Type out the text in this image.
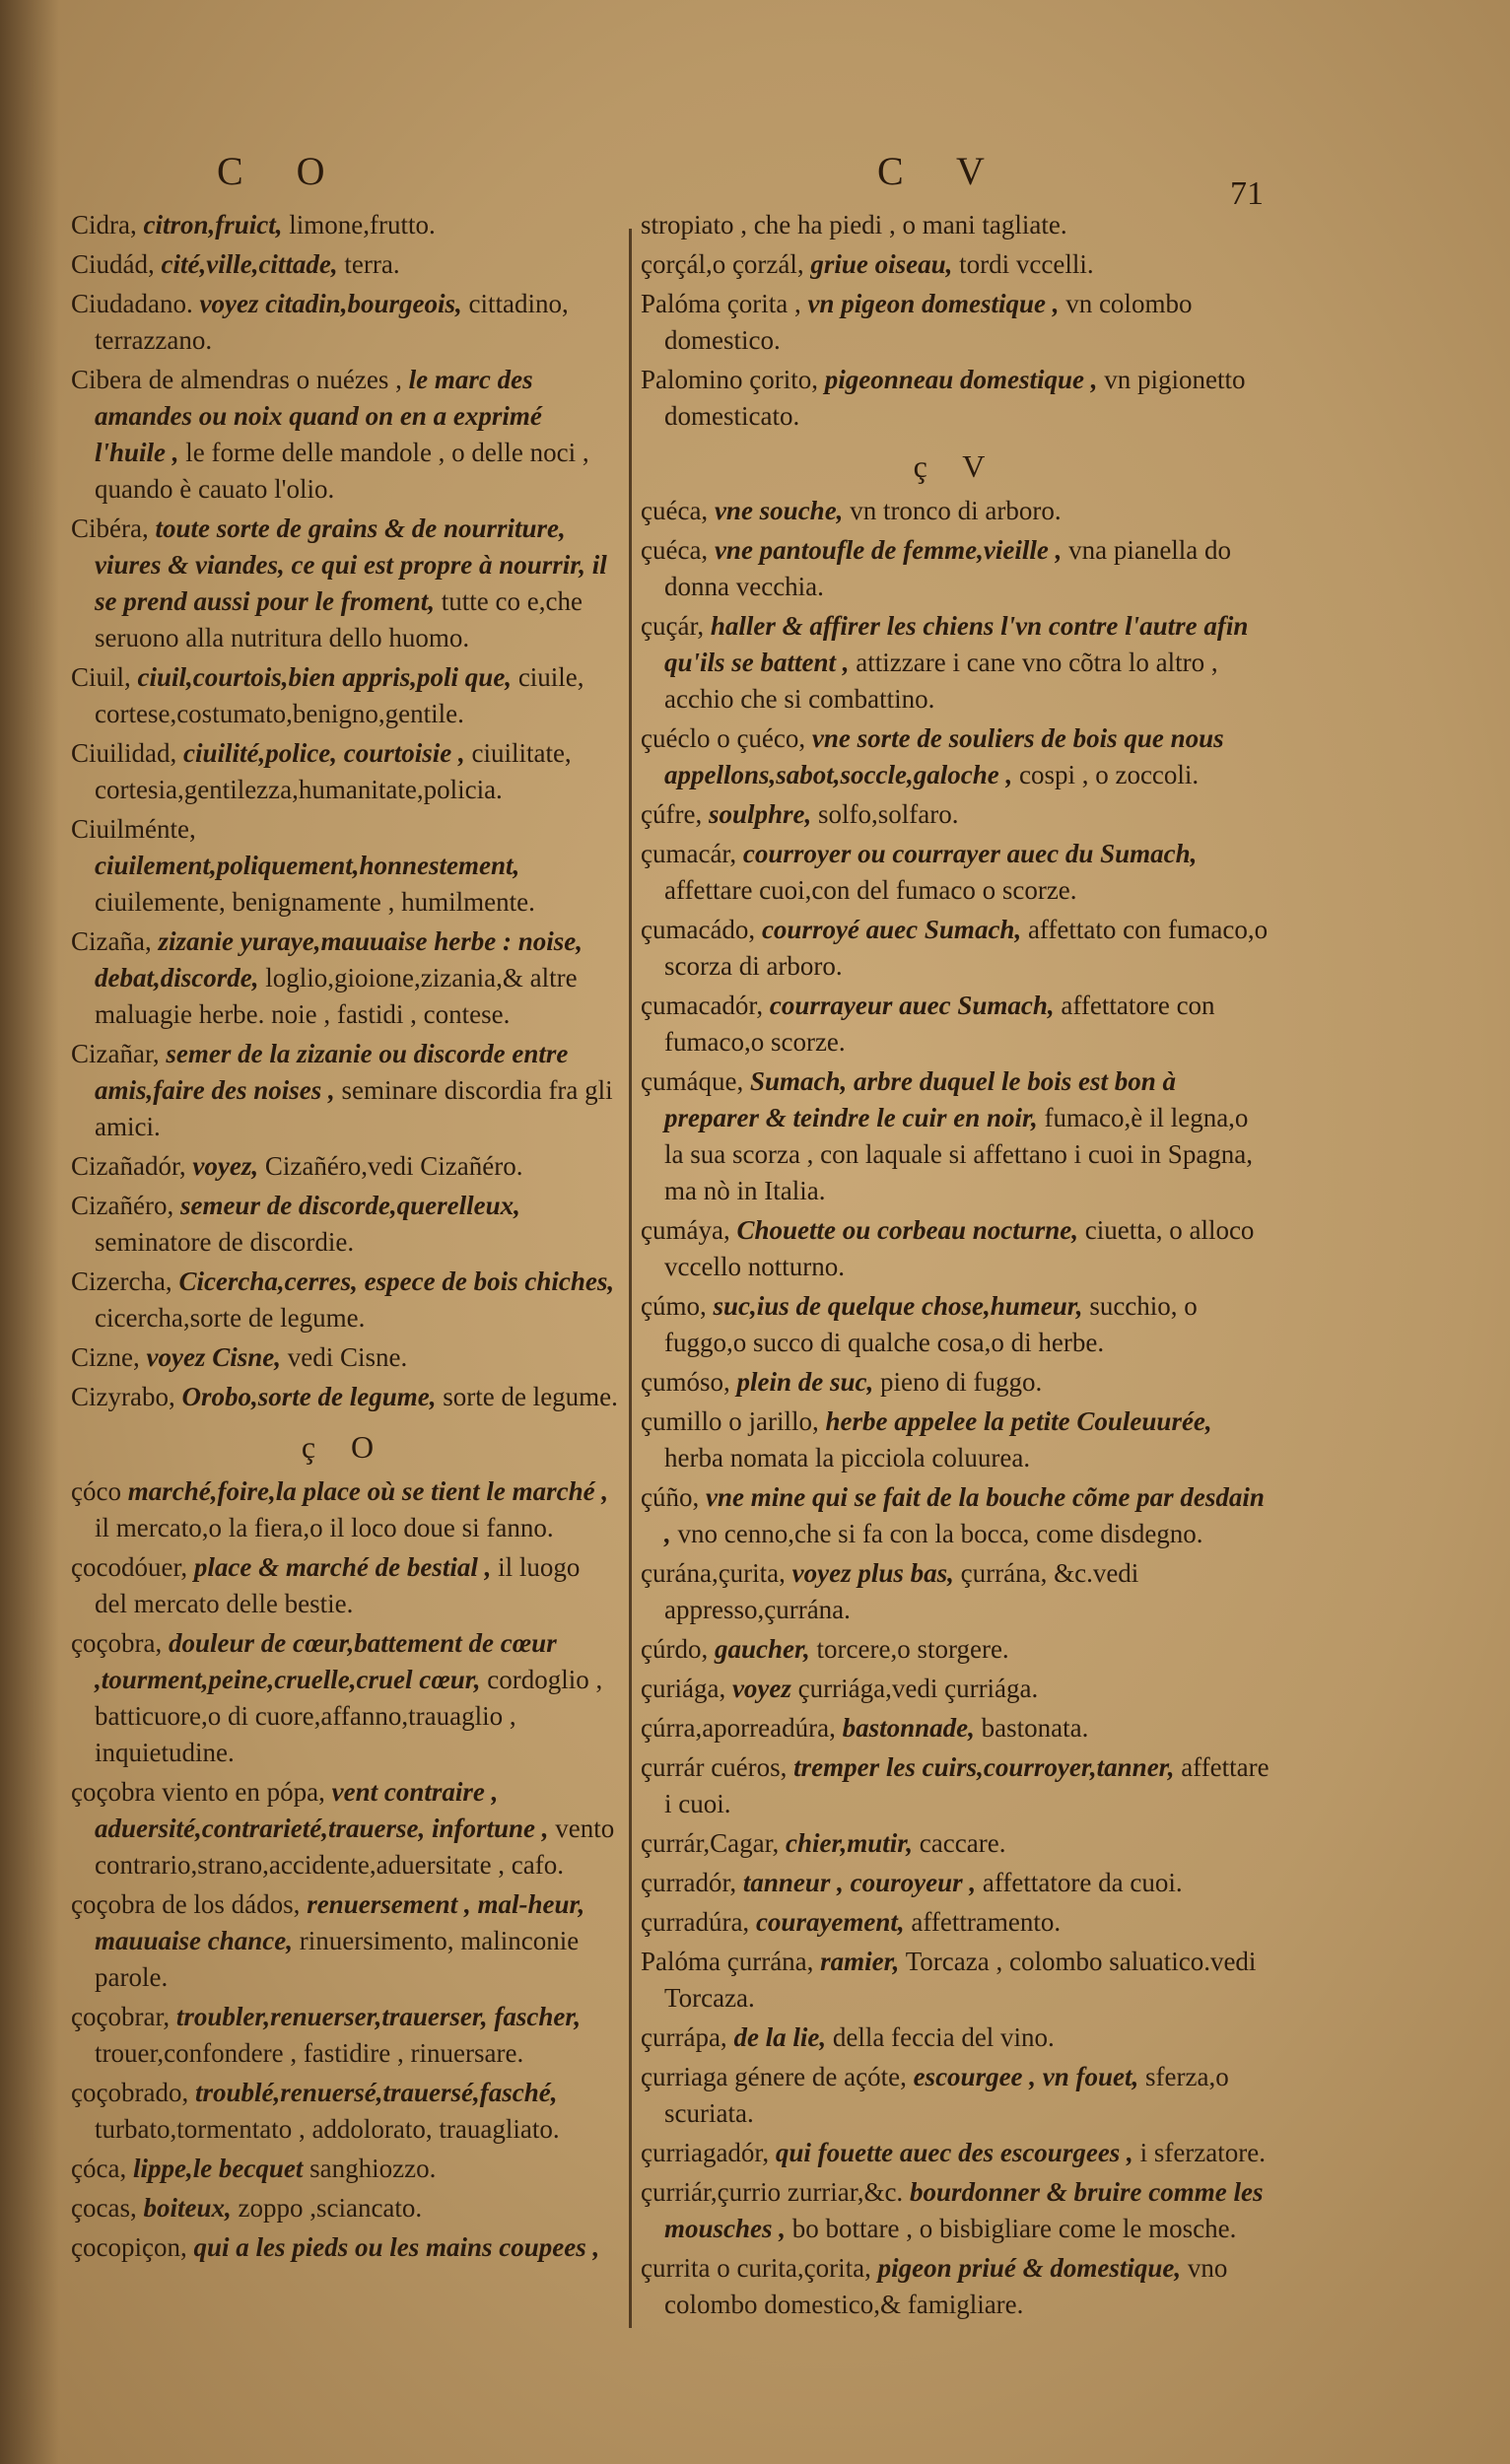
C O	C V
71
Cidra, citron,fruict, limone,frutto.
Ciudád, cité,ville,cittade, terra.
Ciudadano. voyez citadin,bourgeois, cittadino, terrazzano.
Cibera de almendras o nuézes , le marc des amandes ou noix quand on en a exprimé l'huile , le forme delle mandole , o delle noci , quando è cauato l'olio.
Cibéra, toute sorte de grains & de nourriture, viures & viandes, ce qui est propre à nourrir, il se prend aussi pour le froment, tutte co e,che seruono alla nutritura dello huomo.
Ciuil, ciuil,courtois,bien appris,poli que, ciuile, cortese,costumato,benigno,gentile.
Ciuilidad, ciuilité,police, courtoisie , ciuilitate, cortesia,gentilezza,humanitate,policia.
Ciuilménte, ciuilement,poliquement,honnestement, ciuilemente, benignamente , humilmente.
Cizaña, zizanie yuraye,mauuaise herbe : noise, debat,discorde, loglio,gioione,zizania,& altre maluagie herbe. noie , fastidi , contese.
Cizañar, semer de la zizanie ou discorde entre amis,faire des noises , seminare discordia fra gli amici.
Cizañadór, voyez, Cizañéro,vedi Cizañéro.
Cizañéro, semeur de discorde,querelleux, seminatore de discordie.
Cizercha, Cicercha,cerres, espece de bois chiches, cicercha,sorte de legume.
Cizne, voyez Cisne, vedi Cisne.
Cizyrabo, Orobo,sorte de legume, sorte de legume.
ç O
çóco marché,foire,la place où se tient le marché , il mercato,o la fiera,o il loco doue si fanno.
çocodóuer, place & marché de bestial , il luogo del mercato delle bestie.
çoçobra, douleur de cœur,battement de cœur ,tourment,peine,cruelle,cruel cœur, cordoglio , batticuore,o di cuore,affanno,trauaglio , inquietudine.
çoçobra viento en pópa, vent contraire , aduersité,contrarieté,trauerse, infortune , vento contrario,strano,accidente,aduersitate , cafo.
çoçobra de los dádos, renuersement , mal-heur, mauuaise chance, rinuersimento, malinconie parole.
çoçobrar, troubler,renuerser,trauerser, fascher, trouer,confondere , fastidire , rinuersare.
çoçobrado, troublé,renuersé,trauersé,fasché, turbato,tormentato , addolorato, trauagliato.
çóca, lippe,le becquet sanghiozzo.
çocas, boiteux, zoppo ,sciancato.
çocopiçon, qui a les pieds ou les mains coupees ,
stropiato , che ha piedi , o mani tagliate.
çorçál,o çorzál, griue oiseau, tordi vccelli.
Palóma çorita , vn pigeon domestique , vn colombo domestico.
Palomino çorito, pigeonneau domestique , vn pigionetto domesticato.
ç V
çuéca, vne souche, vn tronco di arboro.
çuéca, vne pantoufle de femme,vieille , vna pianella do donna vecchia.
çuçár, haller & affirer les chiens l'vn contre l'autre afin qu'ils se battent , attizzare i cane vno cõtra lo altro , acchio che si combattino.
çuéclo o çuéco, vne sorte de souliers de bois que nous appellons,sabot,soccle,galoche , cospi , o zoccoli.
çúfre, soulphre, solfo,solfaro.
çumacár, courroyer ou courrayer auec du Sumach, affettare cuoi,con del fumaco o scorze.
çumacádo, courroyé auec Sumach, affettato con fumaco,o scorza di arboro.
çumacadór, courrayeur auec Sumach, affettatore con fumaco,o scorze.
çumáque, Sumach, arbre duquel le bois est bon à preparer & teindre le cuir en noir, fumaco,è il legna,o la sua scorza , con laquale si affettano i cuoi in Spagna, ma nò in Italia.
çumáya, Chouette ou corbeau nocturne, ciuetta, o alloco vccello notturno.
çúmo, suc,ius de quelque chose,humeur, succhio, o fuggo,o succo di qualche cosa,o di herbe.
çumóso, plein de suc, pieno di fuggo.
çumillo o jarillo, herbe appelee la petite Couleuurée, herba nomata la picciola coluurea.
çúño, vne mine qui se fait de la bouche cõme par desdain , vno cenno,che si fa con la bocca, come disdegno.
çurána,çurita, voyez plus bas, çurrána, &c.vedi appresso,çurrána.
çúrdo, gaucher, torcere,o storgere.
çuriága, voyez çurriága,vedi çurriága.
çúrra,aporreadúra, bastonnade, bastonata.
çurrár cuéros, tremper les cuirs,courroyer,tanner, affettare i cuoi.
çurrár,Cagar, chier,mutir, caccare.
çurradór, tanneur , couroyeur , affettatore da cuoi.
çurradúra, courayement, affettramento.
Palóma çurrána, ramier, Torcaza , colombo saluatico.vedi Torcaza.
çurrápa, de la lie, della feccia del vino.
çurriaga génere de açóte, escourgee , vn fouet, sferza,o scuriata.
çurriagadór, qui fouette auec des escourgees , i sferzatore.
çurriár,çurrio zurriar,&c. bourdonner & bruire comme les mousches , bo bottare , o bisbigliare come le mosche.
çurrita o curita,çorita, pigeon priué & domestique, vno colombo domestico,& famigliare.
